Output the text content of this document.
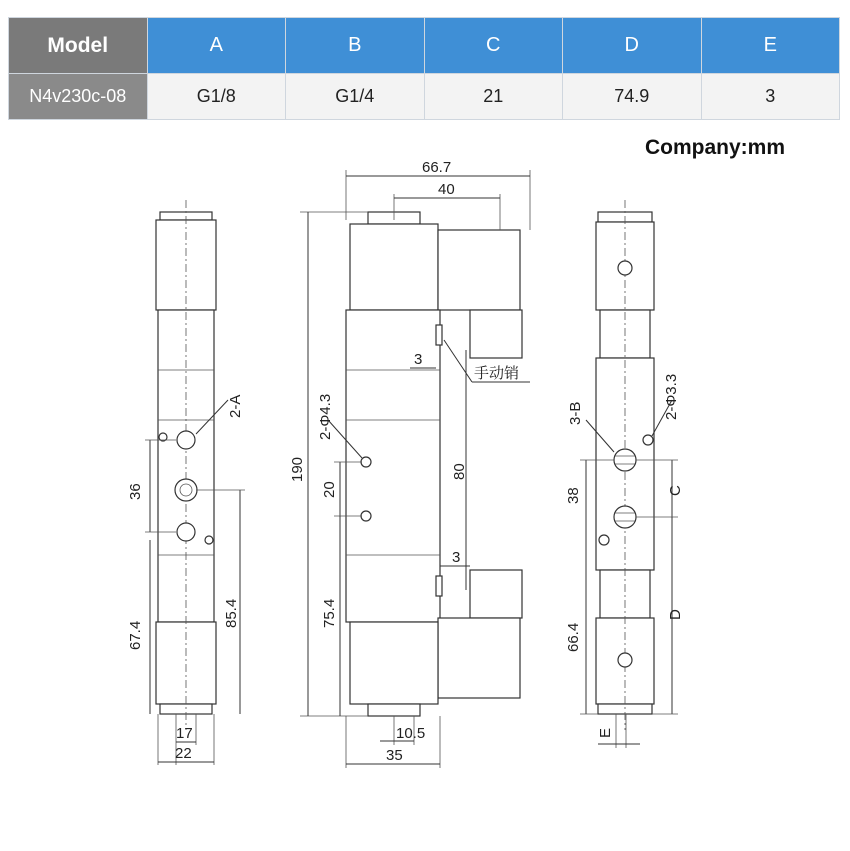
Model	A	B	C	D	E
N4v230c-08	G1/8	G1/4	21	74.9	3
Company:mm
2-A
36
67.4
85.4
17
22
66.7
40
3
手动销
190
2-Φ4.3
20
75.4
80
3
10.5
35
2-Φ3.3
3-B
38
66.4
C
D
E
